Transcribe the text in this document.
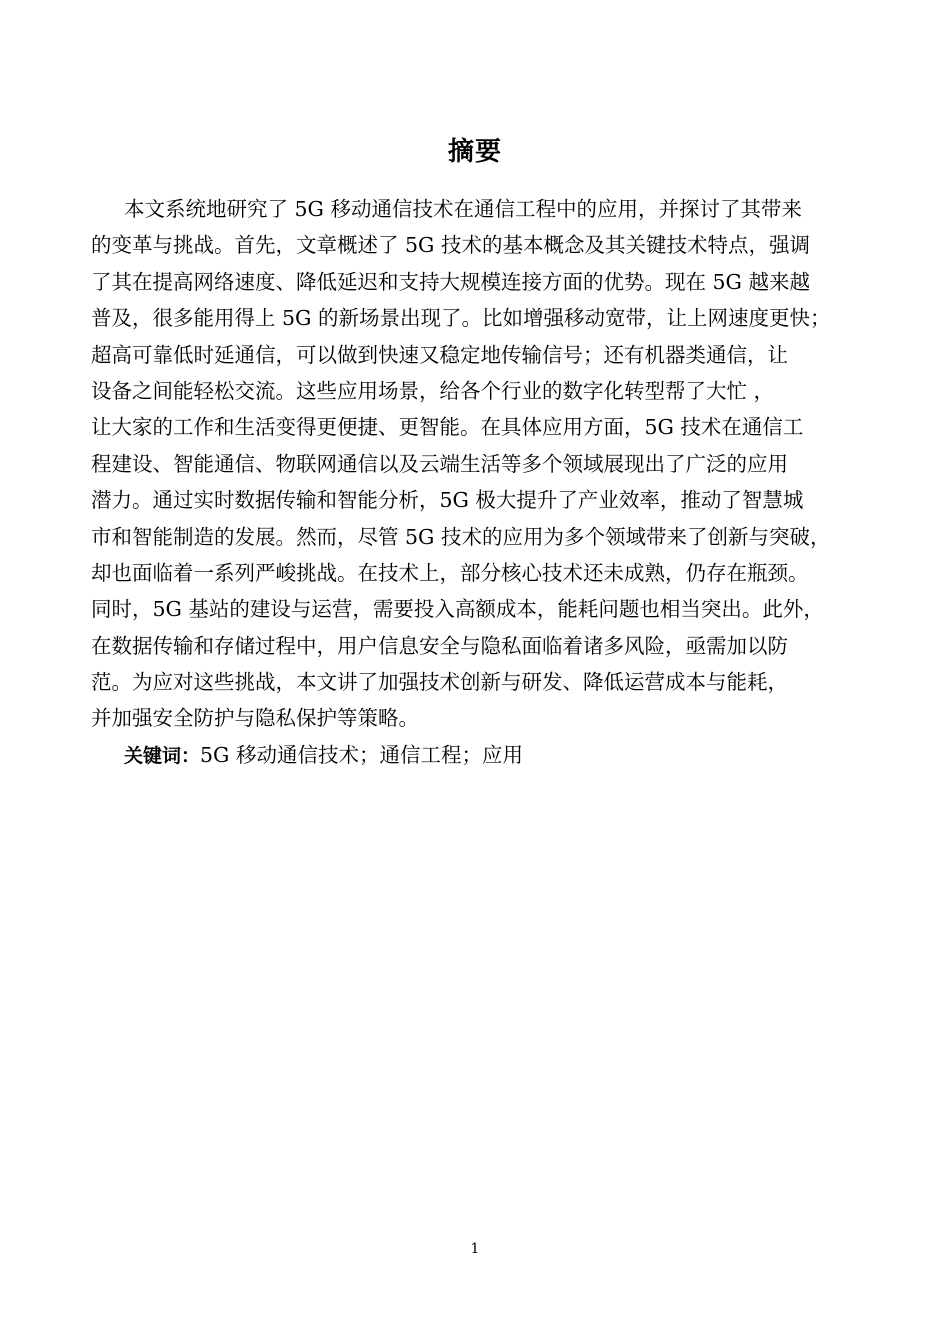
摘要
本文系统地研究了 5G 移动通信技术在通信工程中的应用，并探讨了其带来
的变革与挑战。首先，文章概述了 5G 技术的基本概念及其关键技术特点，强调
了其在提高网络速度、降低延迟和支持大规模连接方面的优势。现在 5G 越来越
普及，很多能用得上 5G 的新场景出现了。比如增强移动宽带，让上网速度更快；
超高可靠低时延通信，可以做到快速又稳定地传输信号；还有机器类通信，让
设备之间能轻松交流。这些应用场景，给各个行业的数字化转型帮了大忙 ，
让大家的工作和生活变得更便捷、更智能。在具体应用方面，5G 技术在通信工
程建设、智能通信、物联网通信以及云端生活等多个领域展现出了广泛的应用
潜力。通过实时数据传输和智能分析，5G 极大提升了产业效率，推动了智慧城
市和智能制造的发展。然而，尽管 5G 技术的应用为多个领域带来了创新与突破，
却也面临着一系列严峻挑战。在技术上，部分核心技术还未成熟，仍存在瓶颈。
同时，5G 基站的建设与运营，需要投入高额成本，能耗问题也相当突出。此外，
在数据传输和存储过程中，用户信息安全与隐私面临着诸多风险，亟需加以防
范。为应对这些挑战，本文讲了加强技术创新与研发、降低运营成本与能耗，
并加强安全防护与隐私保护等策略。
关键词：5G 移动通信技术；通信工程；应用
1
